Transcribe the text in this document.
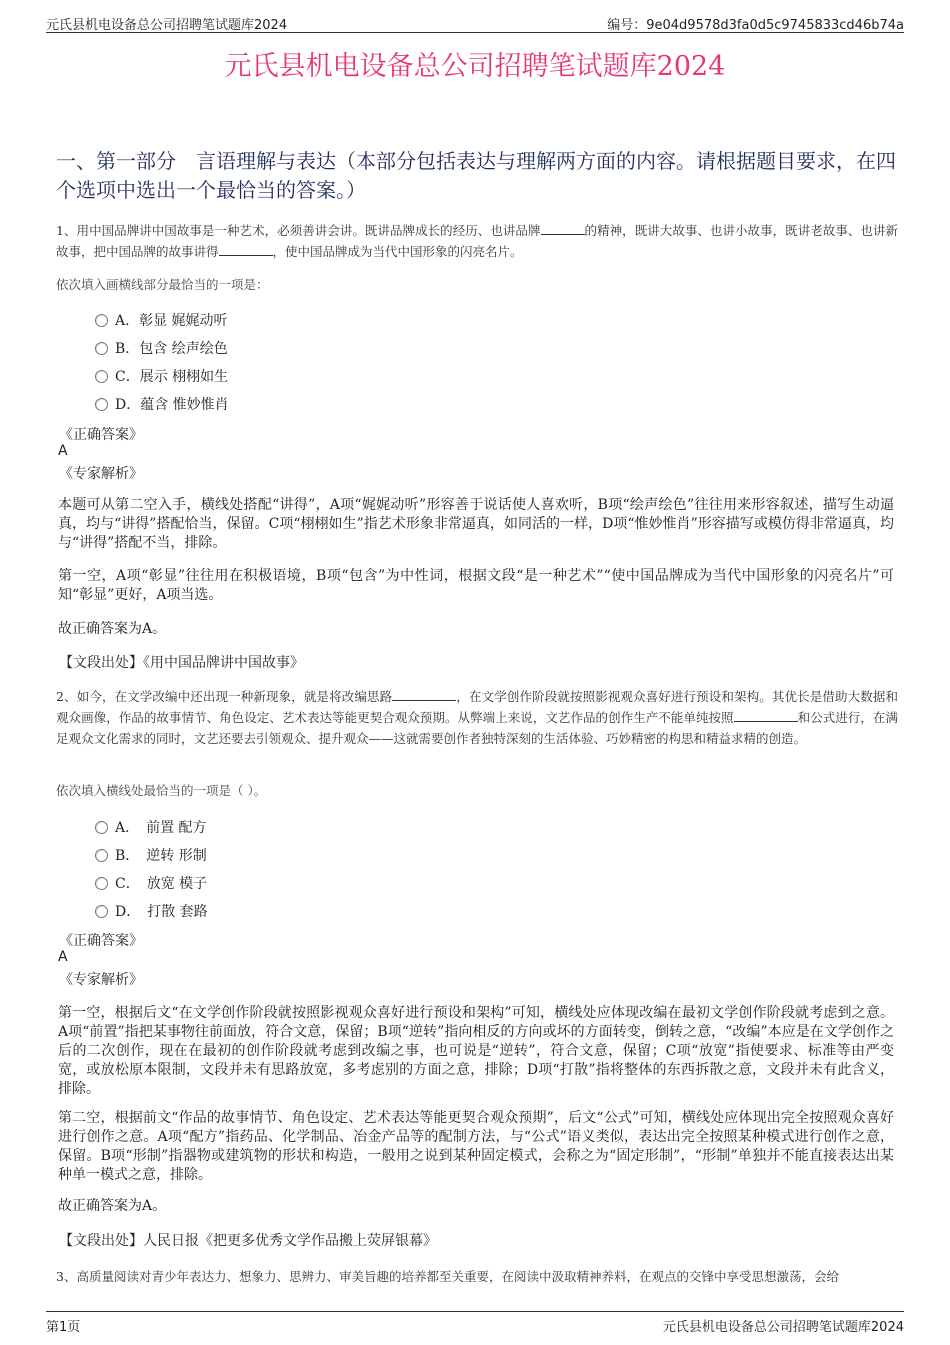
元氏县机电设备总公司招聘笔试题库2024	编号：9e04d9578d3fa0d5c9745833cd46b74a
元氏县机电设备总公司招聘笔试题库2024
一、第一部分　言语理解与表达（本部分包括表达与理解两方面的内容。请根据题目要求，在四个选项中选出一个最恰当的答案。）
1、用中国品牌讲中国故事是一种艺术，必须善讲会讲。既讲品牌成长的经历、也讲品牌	的精神，既讲大故事、也讲小故事，既讲老故事、也讲新故事，把中国品牌的故事讲得	，使中国品牌成为当代中国形象的闪亮名片。
依次填入画横线部分最恰当的一项是：
A．彰显 娓娓动听
B．包含 绘声绘色
C．展示 栩栩如生
D．蕴含 惟妙惟肖
《正确答案》
A
《专家解析》
本题可从第二空入手，横线处搭配“讲得”，A项“娓娓动听”形容善于说话使人喜欢听，B项“绘声绘色”往往用来形容叙述，描写生动逼真，均与“讲得”搭配恰当，保留。C项“栩栩如生”指艺术形象非常逼真，如同活的一样，D项“惟妙惟肖”形容描写或模仿得非常逼真，均与“讲得”搭配不当，排除。
第一空，A项“彰显”往往用在积极语境，B项“包含”为中性词，根据文段“是一种艺术”“使中国品牌成为当代中国形象的闪亮名片”可知“彰显”更好，A项当选。
故正确答案为A。
【文段出处】《用中国品牌讲中国故事》
2、如今，在文学改编中还出现一种新现象，就是将改编思路	，在文学创作阶段就按照影视观众喜好进行预设和架构。其优长是借助大数据和观众画像，作品的故事情节、角色设定、艺术表达等能更契合观众预期。从弊端上来说，文艺作品的创作生产不能单纯按照	和公式进行，在满足观众文化需求的同时，文艺还要去引领观众、提升观众——这就需要创作者独特深刻的生活体验、巧妙精密的构思和精益求精的创造。
依次填入横线处最恰当的一项是（ ）。
A．　前置 配方
B．　逆转 形制
C．　放宽 模子
D．　打散 套路
《正确答案》
A
《专家解析》
第一空，根据后文“在文学创作阶段就按照影视观众喜好进行预设和架构”可知，横线处应体现改编在最初文学创作阶段就考虑到之意。A项“前置”指把某事物往前面放，符合文意，保留；B项“逆转”指向相反的方向或坏的方面转变，倒转之意，“改编”本应是在文学创作之后的二次创作，现在在最初的创作阶段就考虑到改编之事，也可说是“逆转”，符合文意，保留；C项“放宽”指使要求、标准等由严变宽，或放松原本限制，文段并未有思路放宽，多考虑别的方面之意，排除；D项“打散”指将整体的东西拆散之意，文段并未有此含义，排除。
第二空，根据前文“作品的故事情节、角色设定、艺术表达等能更契合观众预期”，后文“公式”可知，横线处应体现出完全按照观众喜好进行创作之意。A项“配方”指药品、化学制品、冶金产品等的配制方法，与“公式”语义类似，表达出完全按照某种模式进行创作之意，保留。B项“形制”指器物或建筑物的形状和构造，一般用之说到某种固定模式，会称之为“固定形制”，“形制”单独并不能直接表达出某种单一模式之意，排除。
故正确答案为A。
【文段出处】人民日报《把更多优秀文学作品搬上荧屏银幕》
3、高质量阅读对青少年表达力、想象力、思辨力、审美旨趣的培养都至关重要，在阅读中汲取精神养料，在观点的交锋中享受思想激荡，会给
第1页	元氏县机电设备总公司招聘笔试题库2024
